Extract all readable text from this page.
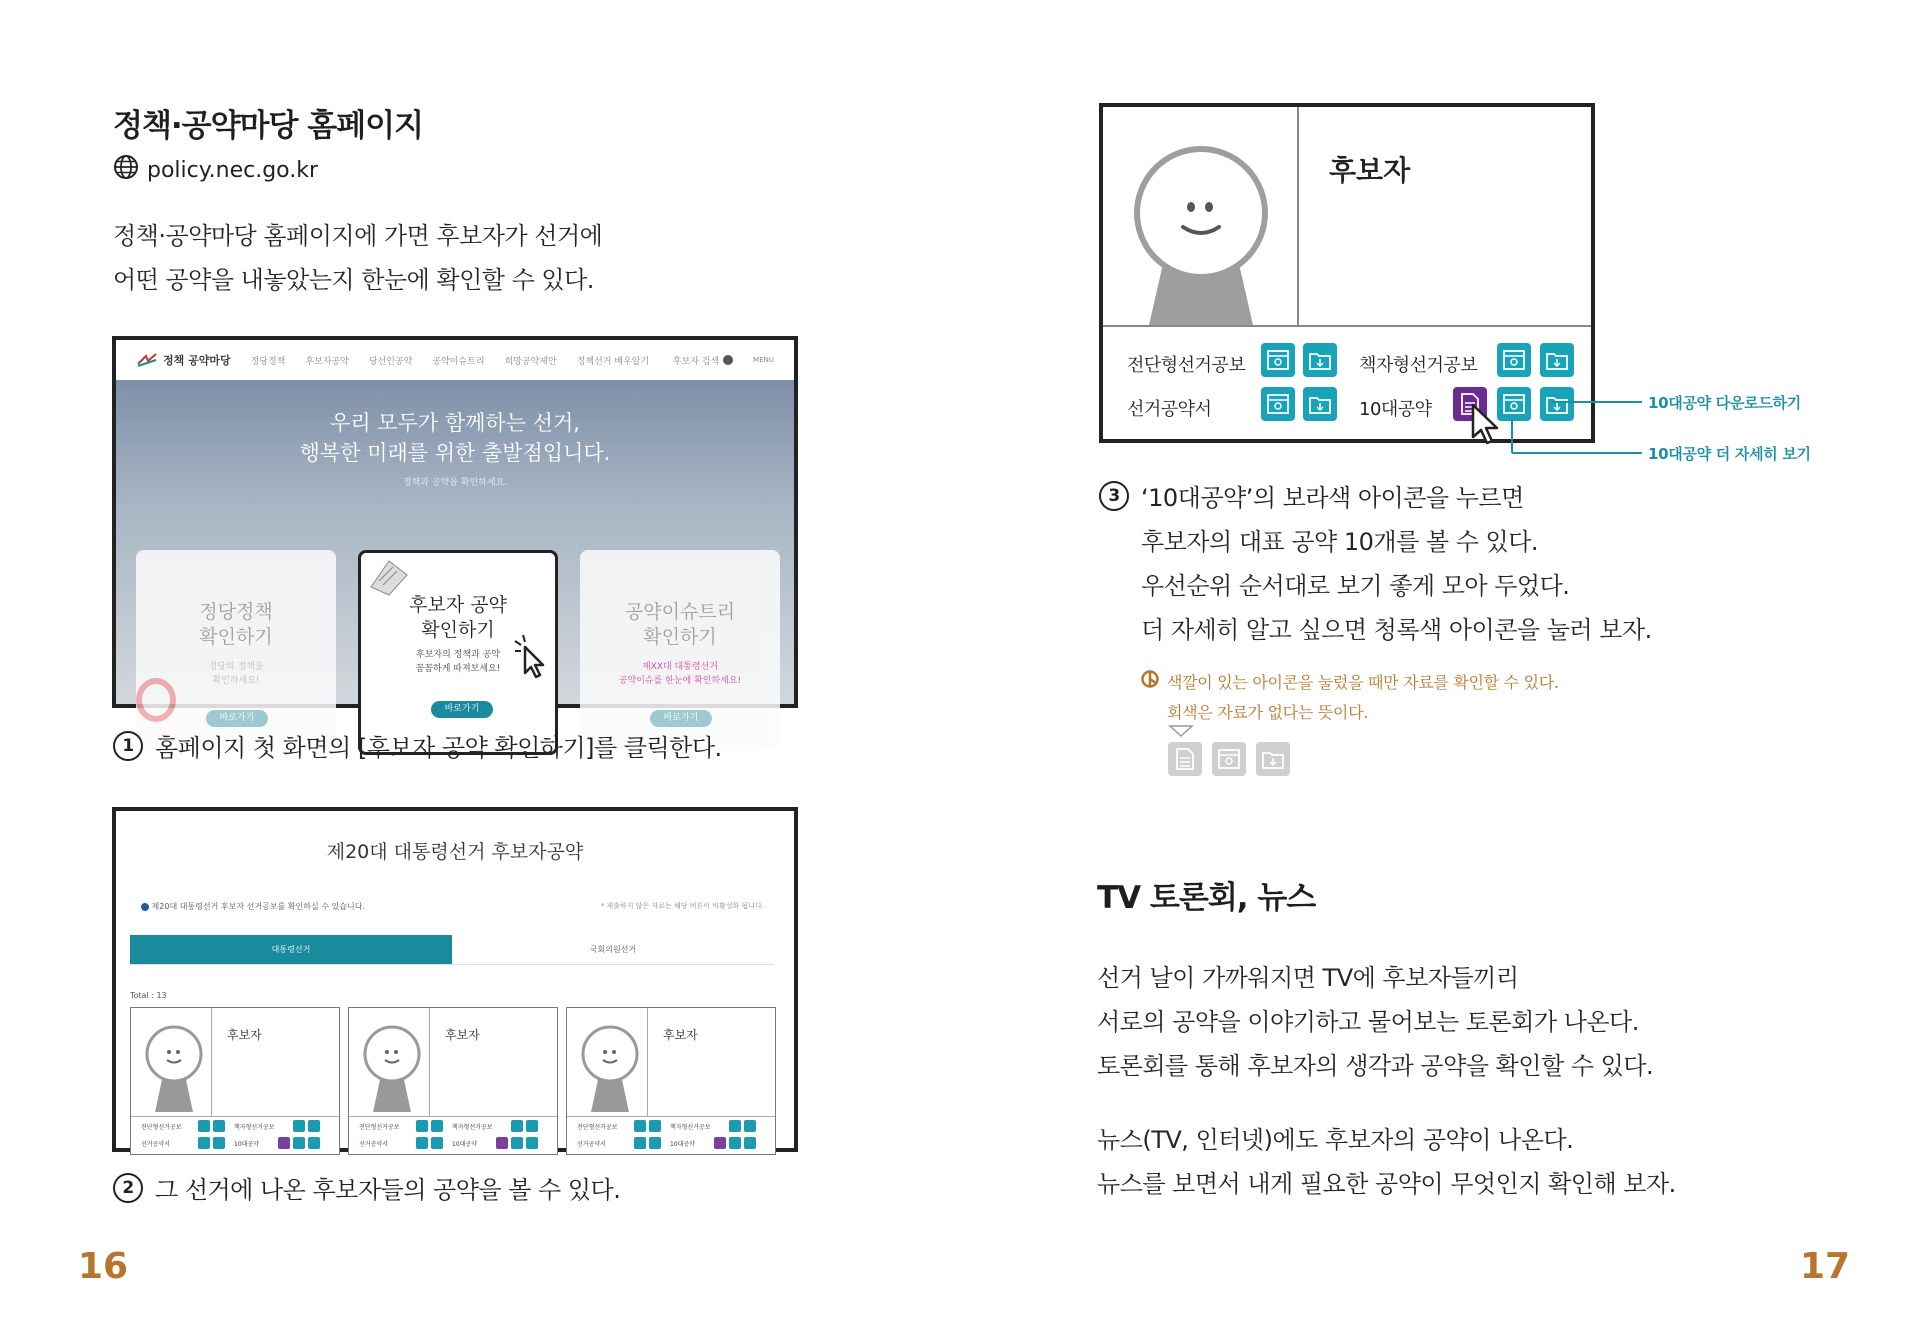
정책·공약마당 홈페이지
policy.nec.go.kr
정책·공약마당 홈페이지에 가면 후보자가 선거에
어떤 공약을 내놓았는지 한눈에 확인할 수 있다.
정책 공약마당 정당정책 후보자공약 당선인공약 공약이슈트리 희망공약제안 정책선거 배우알기	후보자 검색	MENU
우리 모두가 함께하는 선거,
행복한 미래를 위한 출발점입니다.
정책과 공약을 확인하세요.
정당정책
확인하기
정당의 정책을
확인하세요!
바로가기
후보자 공약
확인하기
후보자의 정책과 공약
꼼꼼하게 따져보세요!
바로가기
공약이슈트리
확인하기
제XX대 대통령선거
공약이슈를 한눈에 확인하세요!
바로가기
1 홈페이지 첫 화면의 [후보자 공약 확인하기]를 클릭한다.
제20대 대통령선거 후보자공약
제20대 대통령선거 후보자 선거공보를 확인하실 수 있습니다.	* 제출하지 않은 자료는 해당 버튼이 비활성화 됩니다.
대통령선거	국회의원선거
Total : 13
후보자
전단형선거공보	책자형선거공보
선거공약서	10대공약
후보자
전단형선거공보	책자형선거공보
선거공약서	10대공약
후보자
전단형선거공보	책자형선거공보
선거공약서	10대공약
2 그 선거에 나온 후보자들의 공약을 볼 수 있다.
16
후보자
전단형선거공보	책자형선거공보
선거공약서	10대공약	10대공약 다운로드하기
10대공약 더 자세히 보기
3 ‘10대공약’의 보라색 아이콘을 누르면
후보자의 대표 공약 10개를 볼 수 있다.
우선순위 순서대로 보기 좋게 모아 두었다.
더 자세히 알고 싶으면 청록색 아이콘을 눌러 보자.
색깔이 있는 아이콘을 눌렀을 때만 자료를 확인할 수 있다.
회색은 자료가 없다는 뜻이다.
TV 토론회, 뉴스
선거 날이 가까워지면 TV에 후보자들끼리
서로의 공약을 이야기하고 물어보는 토론회가 나온다.
토론회를 통해 후보자의 생각과 공약을 확인할 수 있다.
뉴스(TV, 인터넷)에도 후보자의 공약이 나온다.
뉴스를 보면서 내게 필요한 공약이 무엇인지 확인해 보자.
17
